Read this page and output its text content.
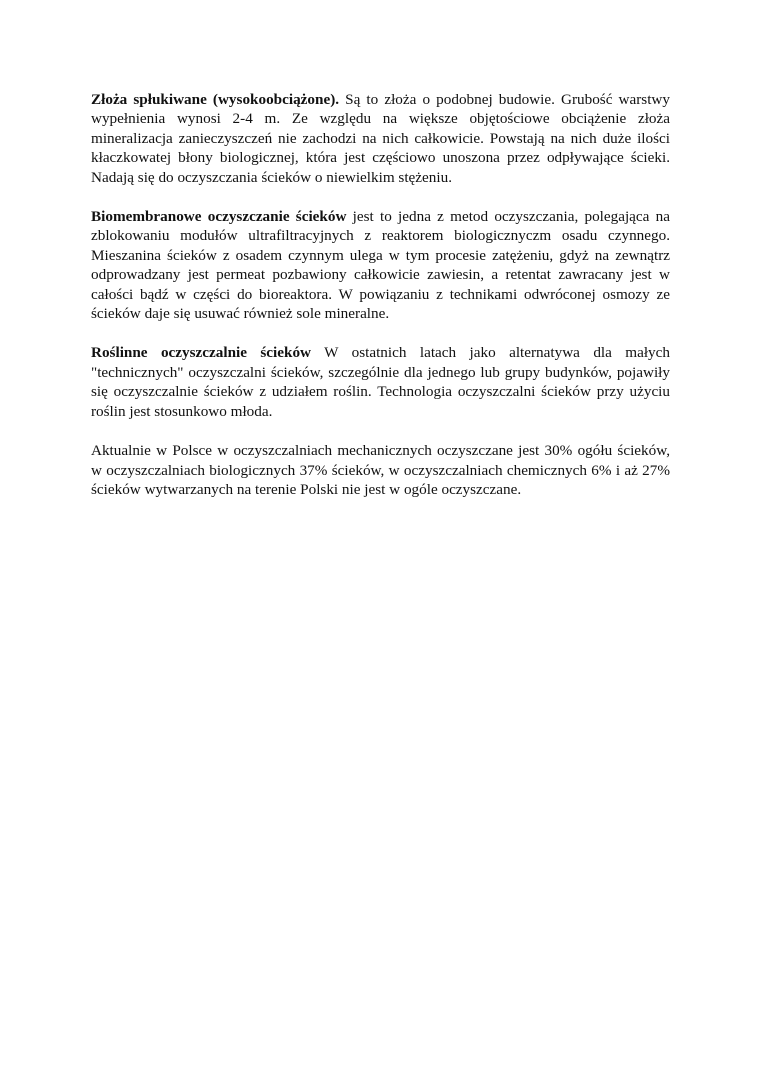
Złoża spłukiwane (wysokoobciążone). Są to złoża o podobnej budowie. Grubość warstwy wypełnienia wynosi 2-4 m. Ze względu na większe objętościowe obciążenie złoża mineralizacja zanieczyszczeń nie zachodzi na nich całkowicie. Powstają na nich duże ilości kłaczkowatej błony biologicznej, która jest częściowo unoszona przez odpływające ścieki. Nadają się do oczyszczania ścieków o niewielkim stężeniu.

Biomembranowe oczyszczanie ścieków jest to jedna z metod oczyszczania, polegająca na zblokowaniu modułów ultrafiltracyjnych z reaktorem biologicznyczm osadu czynnego. Mieszanina ścieków z osadem czynnym ulega w tym procesie zatężeniu, gdyż na zewnątrz odprowadzany jest permeat pozbawiony całkowicie zawiesin, a retentat zawracany jest w całości bądź w części do bioreaktora. W powiązaniu z technikami odwróconej osmozy ze ścieków daje się usuwać również sole mineralne.

Roślinne oczyszczalnie ścieków W ostatnich latach jako alternatywa dla małych "technicznych" oczyszczalni ścieków, szczególnie dla jednego lub grupy budynków, pojawiły się oczyszczalnie ścieków z udziałem roślin. Technologia oczyszczalni ścieków przy użyciu roślin jest stosunkowo młoda.

Aktualnie w Polsce w oczyszczalniach mechanicznych oczyszczane jest 30% ogółu ścieków, w oczyszczalniach biologicznych 37% ścieków, w oczyszczalniach chemicznych 6% i aż 27% ścieków wytwarzanych na terenie Polski nie jest w ogóle oczyszczane.
